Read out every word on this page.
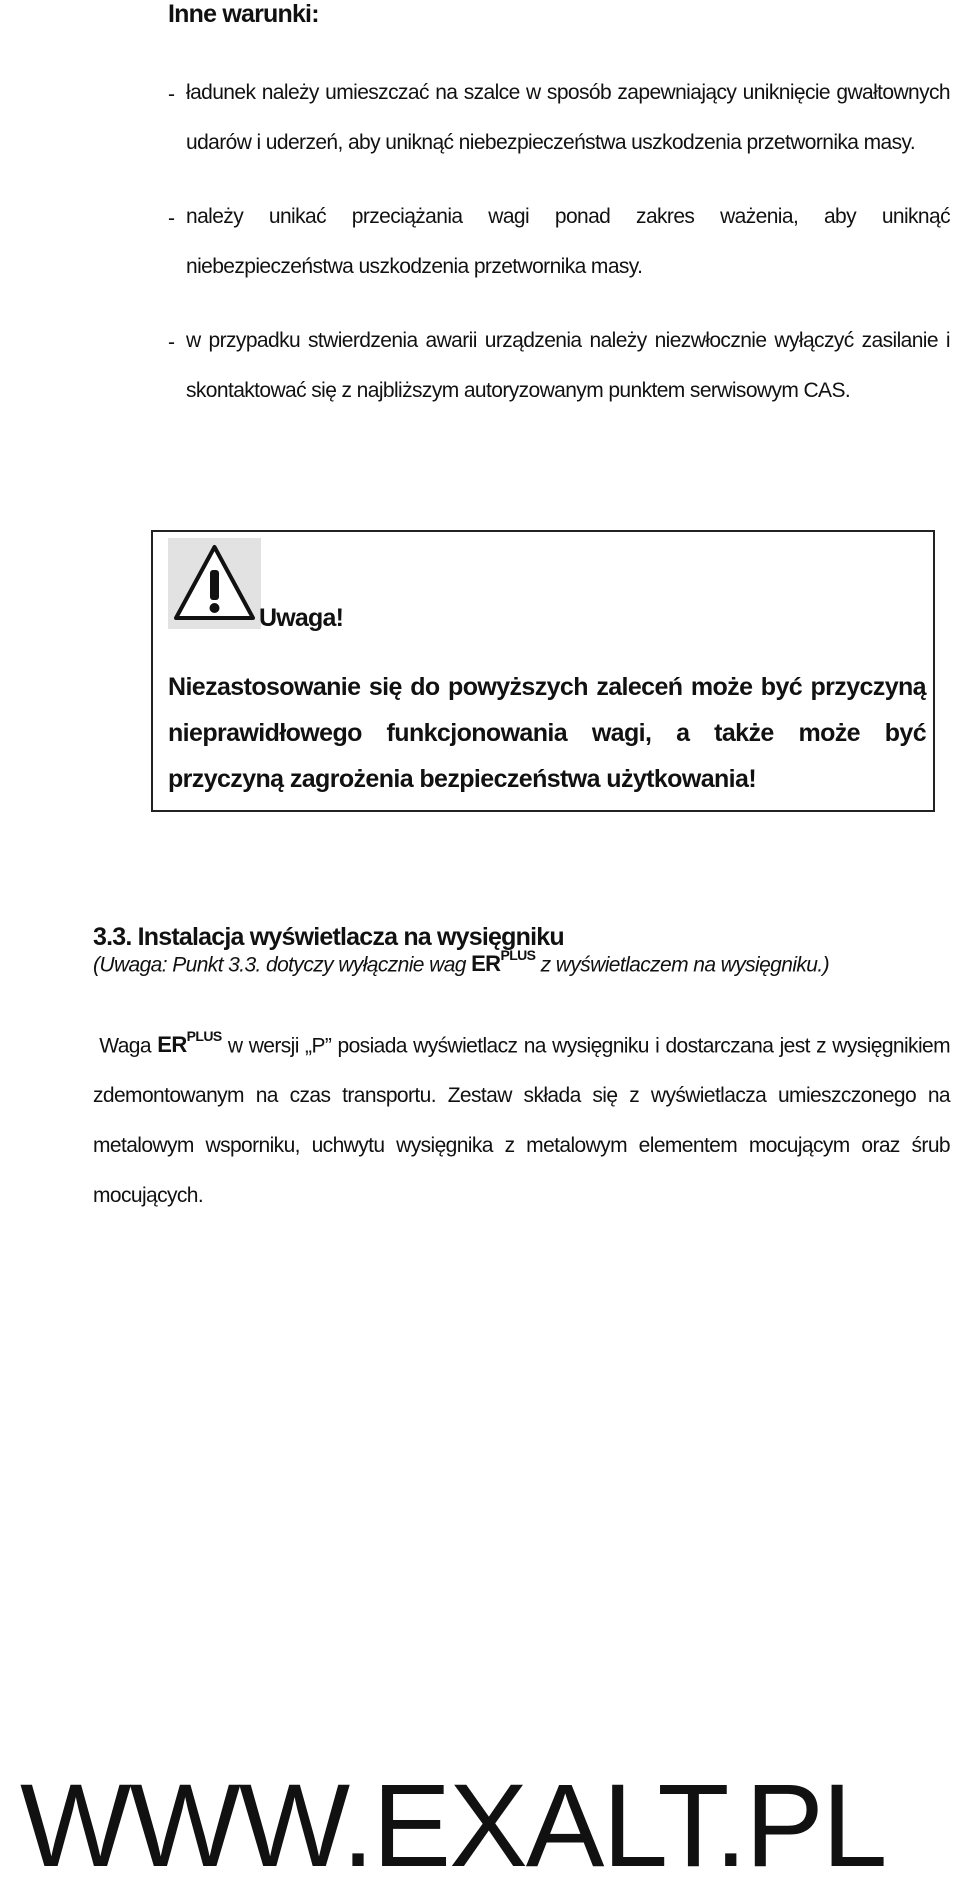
Inne warunki:
- ładunek należy umieszczać na szalce w sposób zapewniający uniknięcie gwałtownych udarów i uderzeń, aby uniknąć niebezpieczeństwa uszkodzenia przetwornika masy.
- należy unikać przeciążania wagi ponad zakres ważenia, aby uniknąć niebezpieczeństwa uszkodzenia przetwornika masy.
- w przypadku stwierdzenia awarii urządzenia należy niezwłocznie wyłączyć zasilanie i skontaktować się z najbliższym autoryzowanym punktem serwisowym CAS.
Uwaga!
Niezastosowanie się do powyższych zaleceń może być przyczyną nieprawidłowego funkcjonowania wagi, a także może być przyczyną zagrożenia bezpieczeństwa użytkowania!
3.3. Instalacja wyświetlacza na wysięgniku
(Uwaga: Punkt 3.3. dotyczy wyłącznie wag $ER^{PLUS}$ z wyświetlaczem na wysięgniku.)
Waga $ER^{PLUS}$ w wersji „P” posiada wyświetlacz na wysięgniku i dostarczana jest z wysięgnikiem zdemontowanym na czas transportu. Zestaw składa się z wyświetlacza umieszczonego na metalowym wsporniku, uchwytu wysięgnika z metalowym elementem mocującym oraz śrub mocujących.
WWW.EXALT.PL
